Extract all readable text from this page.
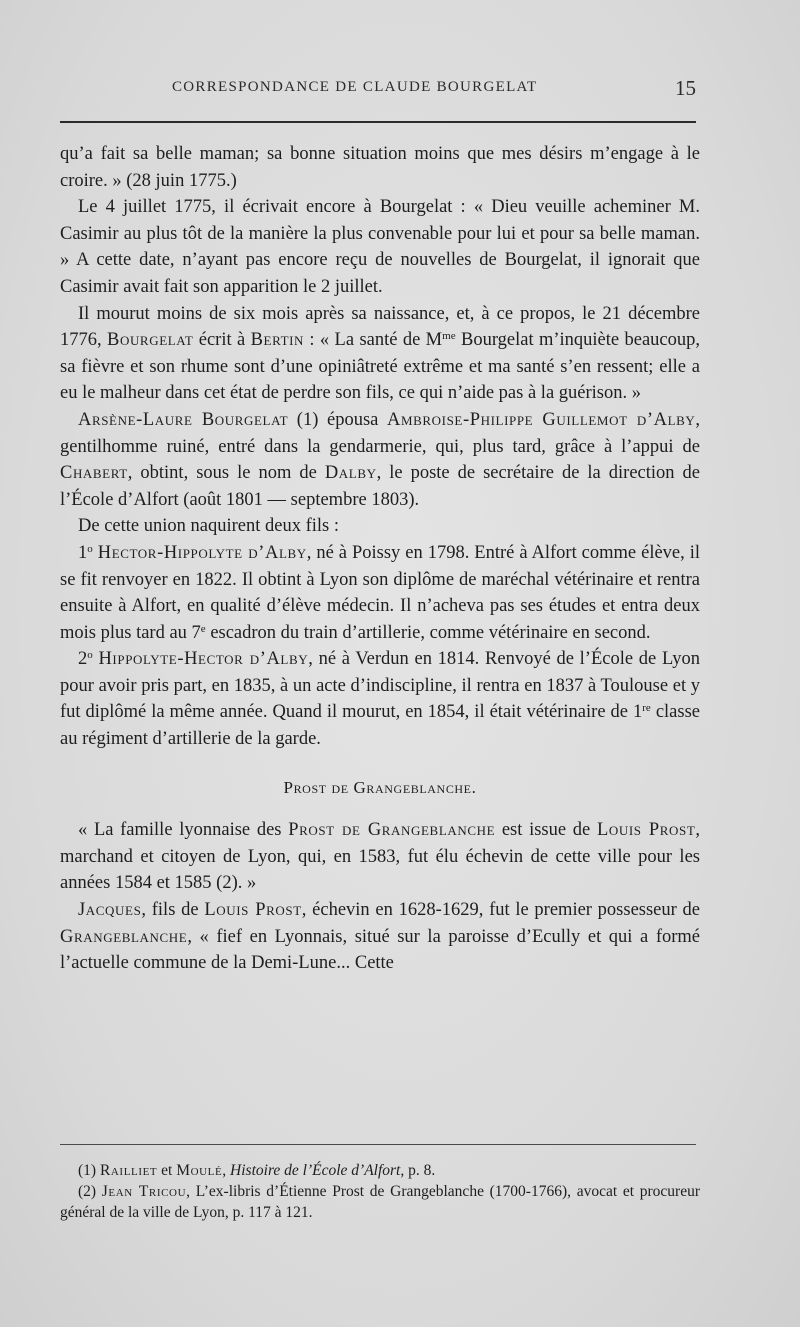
CORRESPONDANCE DE CLAUDE BOURGELAT	15

qu’a fait sa belle maman; sa bonne situation moins que mes désirs m’engage à le croire. » (28 juin 1775.)

Le 4 juillet 1775, il écrivait encore à Bourgelat : « Dieu veuille acheminer M. Casimir au plus tôt de la manière la plus convenable pour lui et pour sa belle maman. » A cette date, n’ayant pas encore reçu de nouvelles de Bourgelat, il ignorait que Casimir avait fait son apparition le 2 juillet.

Il mourut moins de six mois après sa naissance, et, à ce propos, le 21 décembre 1776, Bourgelat écrit à Bertin : « La santé de $M^{me}$ Bourgelat m’inquiète beaucoup, sa fièvre et son rhume sont d’une opiniâtreté extrême et ma santé s’en ressent; elle a eu le malheur dans cet état de perdre son fils, ce qui n’aide pas à la guérison. »

Arsène-Laure Bourgelat (1) épousa Ambroise-Philippe Guillemot d’Alby, gentilhomme ruiné, entré dans la gendarmerie, qui, plus tard, grâce à l’appui de Chabert, obtint, sous le nom de Dalby, le poste de secrétaire de la direction de l’École d’Alfort (août 1801 — septembre 1803).

De cette union naquirent deux fils :

1$^o$ Hector-Hippolyte d’Alby, né à Poissy en 1798. Entré à Alfort comme élève, il se fit renvoyer en 1822. Il obtint à Lyon son diplôme de maréchal vétérinaire et rentra ensuite à Alfort, en qualité d’élève médecin. Il n’acheva pas ses études et entra deux mois plus tard au 7e escadron du train d’artillerie, comme vétérinaire en second.

2$^o$ Hippolyte-Hector d’Alby, né à Verdun en 1814. Renvoyé de l’École de Lyon pour avoir pris part, en 1835, à un acte d’indiscipline, il rentra en 1837 à Toulouse et y fut diplômé la même année. Quand il mourut, en 1854, il était vétérinaire de 1re classe au régiment d’artillerie de la garde.

Prost de Grangeblanche.

« La famille lyonnaise des Prost de Grangeblanche est issue de Louis Prost, marchand et citoyen de Lyon, qui, en 1583, fut élu échevin de cette ville pour les années 1584 et 1585 (2). »

Jacques, fils de Louis Prost, échevin en 1628-1629, fut le premier possesseur de Grangeblanche, « fief en Lyonnais, situé sur la paroisse d’Ecully et qui a formé l’actuelle commune de la Demi-Lune... Cette

(1) Railliet et Moulé, Histoire de l’École d’Alfort, p. 8.

(2) Jean Tricou, L’ex-libris d’Étienne Prost de Grangeblanche (1700-1766), avocat et procureur général de la ville de Lyon, p. 117 à 121.
